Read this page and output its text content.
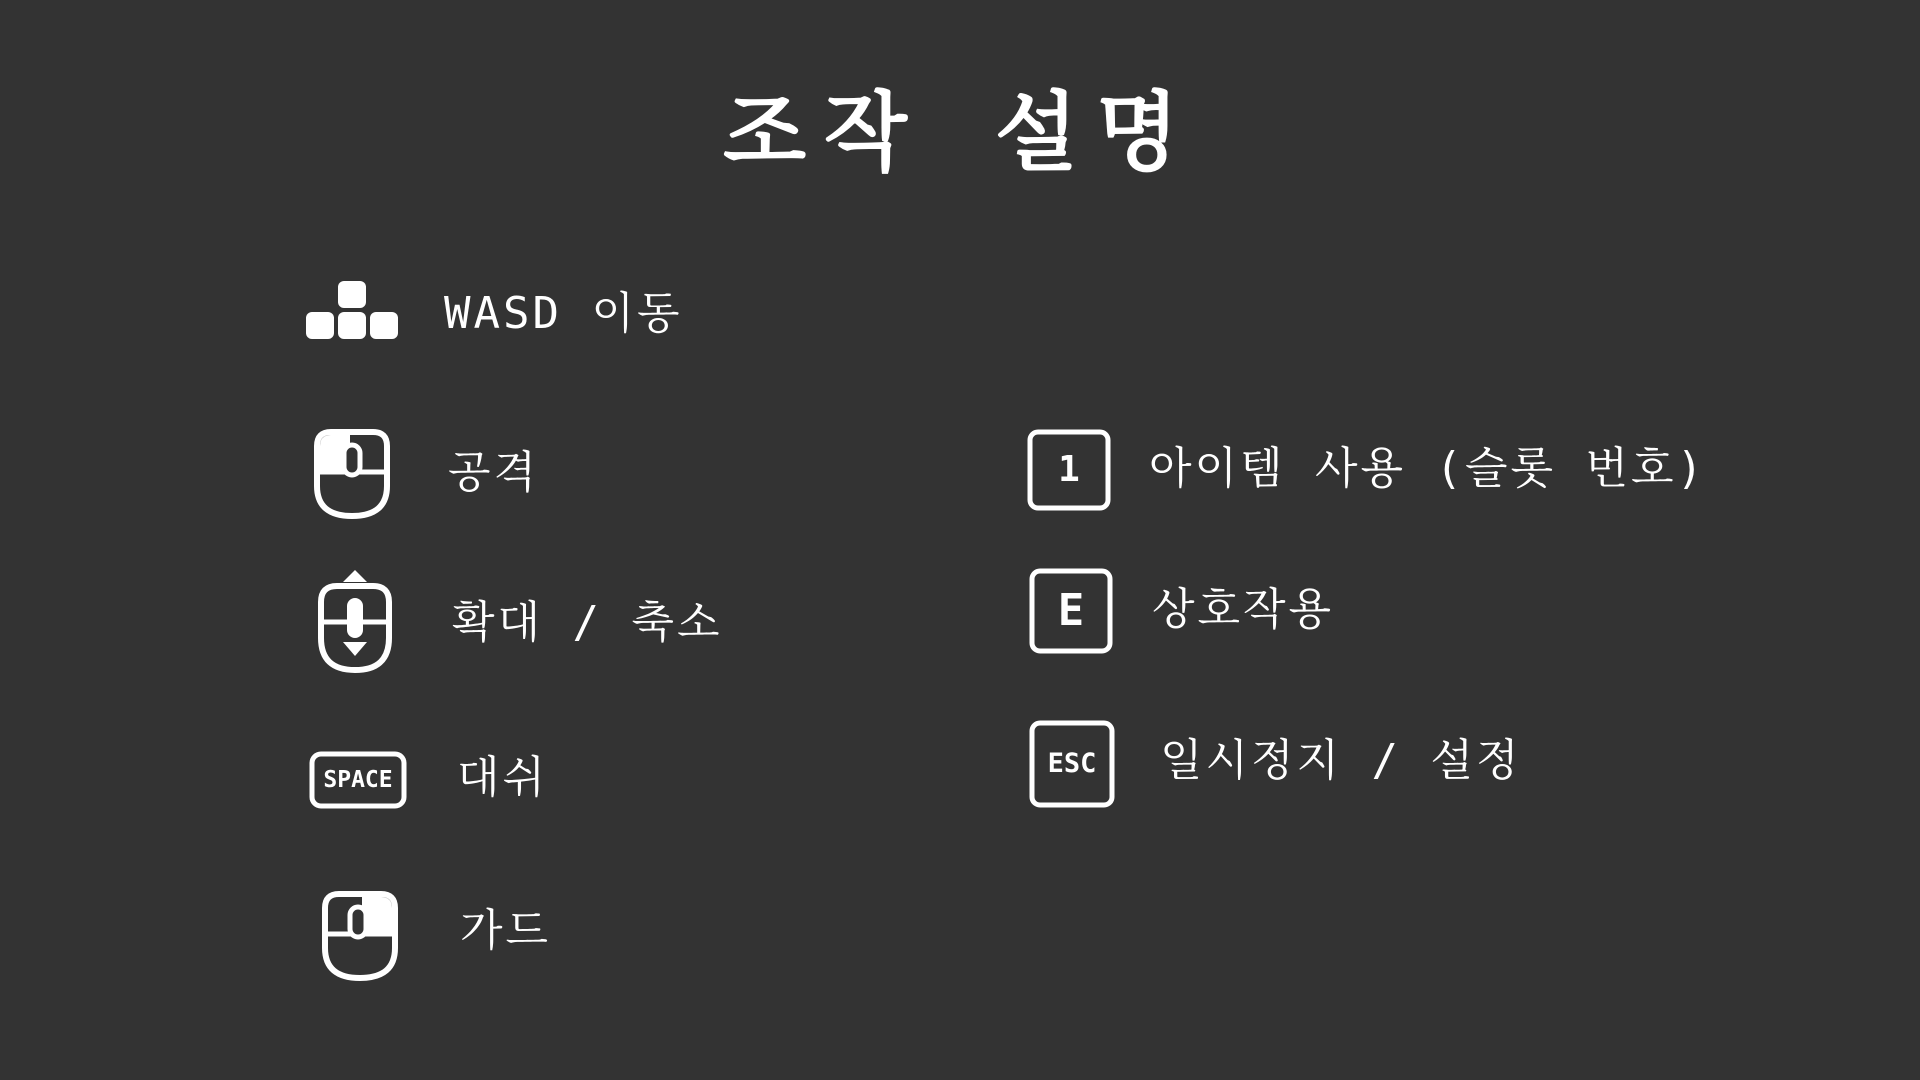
조작 설명
WASD 이동
공격
확대 / 축소
SPACE	대쉬
가드
1	아이템 사용 (슬롯 번호)
E	상호작용
ESC	일시정지 / 설정
